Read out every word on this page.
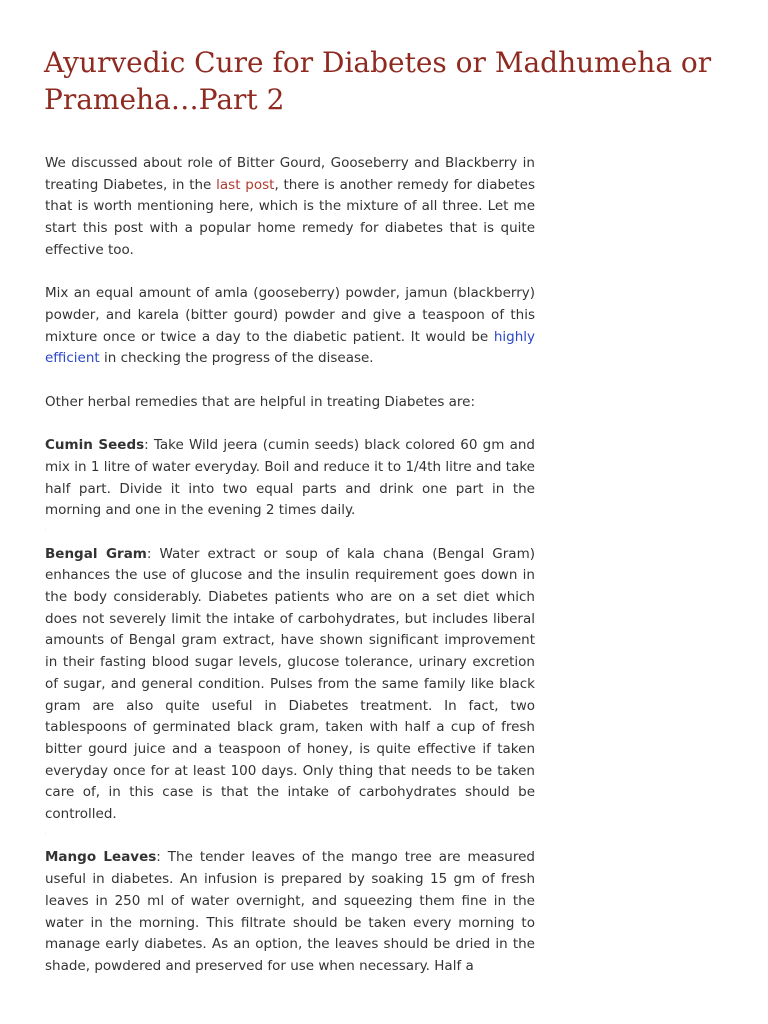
Ayurvedic Cure for Diabetes or Madhumeha or Prameha…Part 2

We discussed about role of Bitter Gourd, Gooseberry and Blackberry in treating Diabetes, in the last post, there is another remedy for diabetes that is worth mentioning here, which is the mixture of all three. Let me start this post with a popular home remedy for diabetes that is quite effective too.

Mix an equal amount of amla (gooseberry) powder, jamun (blackberry) powder, and karela (bitter gourd) powder and give a teaspoon of this mixture once or twice a day to the diabetic patient. It would be highly efficient in checking the progress of the disease.

Other herbal remedies that are helpful in treating Diabetes are:

Cumin Seeds: Take Wild jeera (cumin seeds) black colored 60 gm and mix in 1 litre of water everyday. Boil and reduce it to 1/4th litre and take half part. Divide it into two equal parts and drink one part in the morning and one in the evening 2 times daily.

.

Bengal Gram: Water extract or soup of kala chana (Bengal Gram) enhances the use of glucose and the insulin requirement goes down in the body considerably. Diabetes patients who are on a set diet which does not severely limit the intake of carbohydrates, but includes liberal amounts of Bengal gram extract, have shown significant improvement in their fasting blood sugar levels, glucose tolerance, urinary excretion of sugar, and general condition. Pulses from the same family like black gram are also quite useful in Diabetes treatment. In fact, two tablespoons of germinated black gram, taken with half a cup of fresh bitter gourd juice and a teaspoon of honey, is quite effective if taken everyday once for at least 100 days. Only thing that needs to be taken care of, in this case is that the intake of carbohydrates should be controlled.

.

Mango Leaves: The tender leaves of the mango tree are measured useful in diabetes. An infusion is prepared by soaking 15 gm of fresh leaves in 250 ml of water overnight, and squeezing them fine in the water in the morning. This filtrate should be taken every morning to manage early diabetes. As an option, the leaves should be dried in the shade, powdered and preserved for use when necessary. Half a
